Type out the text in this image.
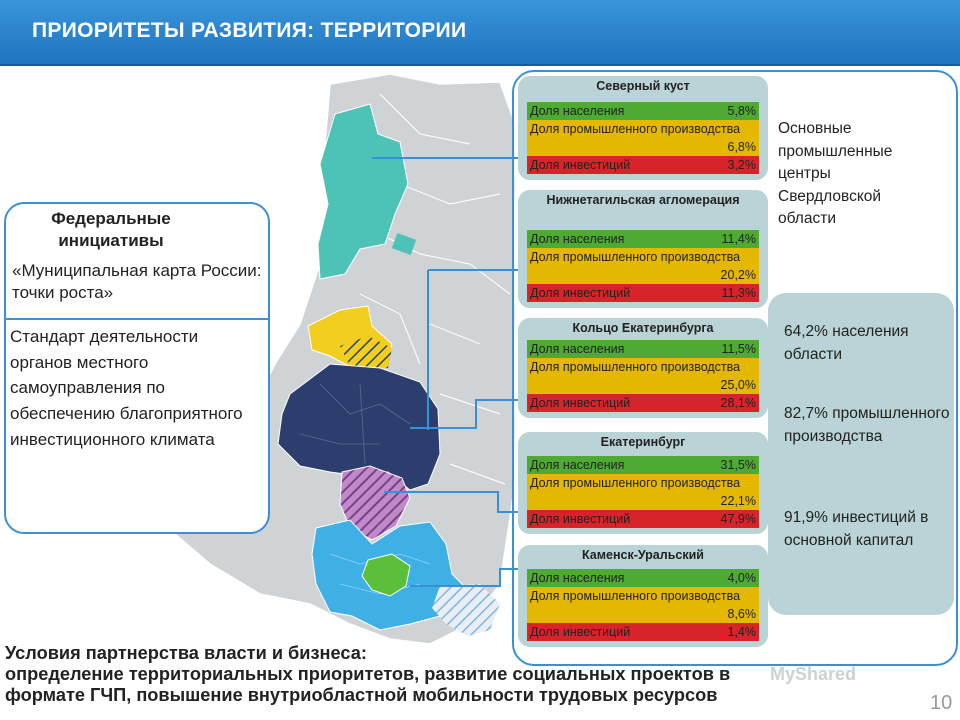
ПРИОРИТЕТЫ РАЗВИТИЯ: ТЕРРИТОРИИ
Федеральные инициативы
«Муниципальная карта России: точки роста»
Стандарт деятельности органов местного самоуправления по обеспечению благоприятного инвестиционного климата
Северный куст
Доля населения	5,8%
Доля промышленного производства
6,8%
Доля инвестиций	3,2%
Нижнетагильская агломерация
Доля населения	11,4%
Доля промышленного производства
20,2%
Доля инвестиций	11,3%
Кольцо Екатеринбурга
Доля населения	11,5%
Доля промышленного производства
25,0%
Доля инвестиций	28,1%
Екатеринбург
Доля населения	31,5%
Доля промышленного производства
22,1%
Доля инвестиций	47,9%
Каменск-Уральский
Доля населения	4,0%
Доля промышленного производства
8,6%
Доля инвестиций	1,4%
Основные промышленные центры Свердловской области
64,2% населения области
82,7% промышленного производства
91,9% инвестиций в основной капитал
MyShared
Условия партнерства власти и бизнеса:
определение территориальных приоритетов, развитие социальных проектов в
формате ГЧП, повышение внутриобластной мобильности трудовых ресурсов	10
